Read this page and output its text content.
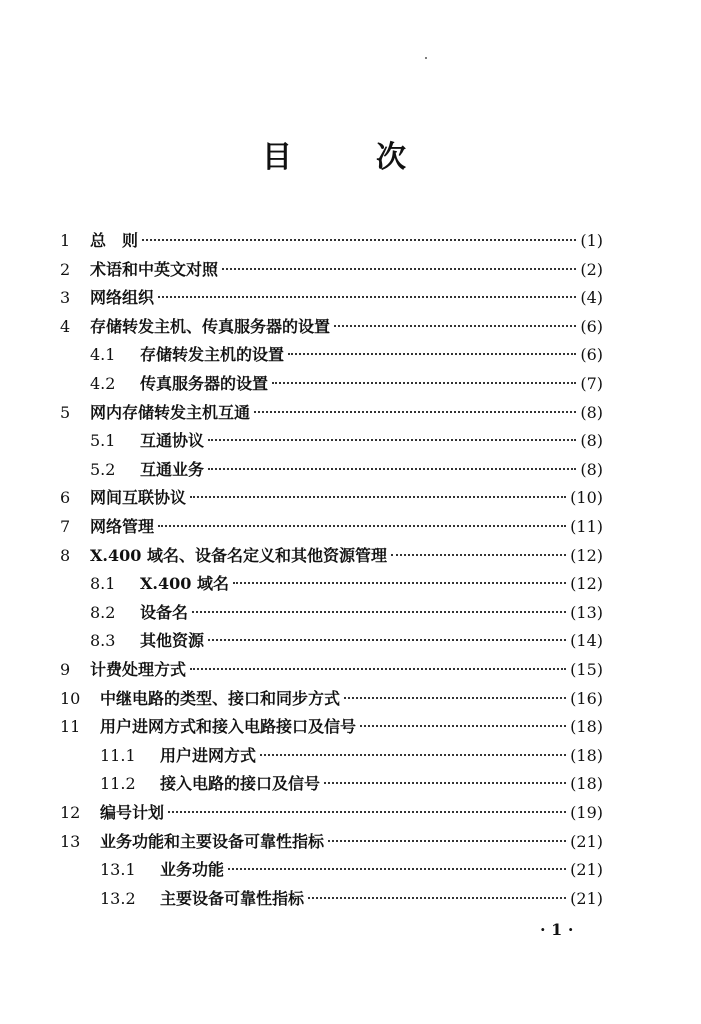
目	次
1 总　则	(1)
2 术语和中英文对照	(2)
3 网络组织	(4)
4 存储转发主机、传真服务器的设置	(6)
4.1 存储转发主机的设置	(6)
4.2 传真服务器的设置	(7)
5 网内存储转发主机互通	(8)
5.1 互通协议	(8)
5.2 互通业务	(8)
6 网间互联协议	(10)
7 网络管理	(11)
8 X.400 域名、设备名定义和其他资源管理	(12)
8.1 X.400 域名	(12)
8.2 设备名	(13)
8.3 其他资源	(14)
9 计费处理方式	(15)
10 中继电路的类型、接口和同步方式	(16)
11 用户进网方式和接入电路接口及信号	(18)
11.1 用户进网方式	(18)
11.2 接入电路的接口及信号	(18)
12 编号计划	(19)
13 业务功能和主要设备可靠性指标	(21)
13.1 业务功能	(21)
13.2 主要设备可靠性指标	(21)
· 1 ·
